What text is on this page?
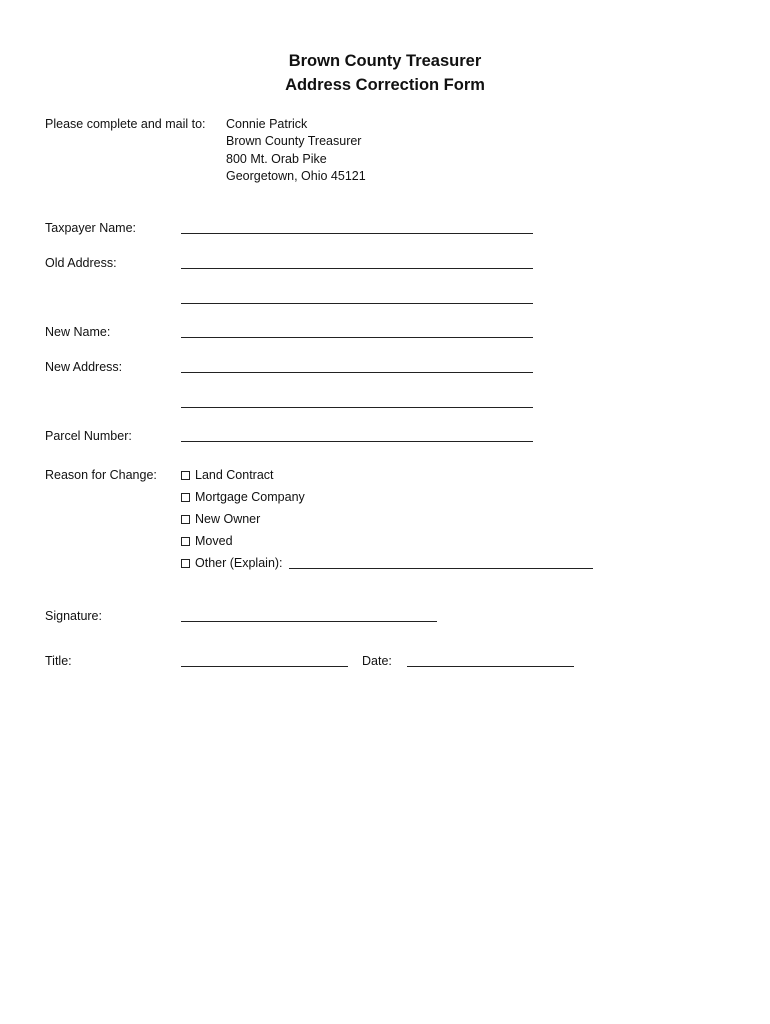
Brown County Treasurer
Address Correction Form
Please complete and mail to: Connie Patrick
Brown County Treasurer
800 Mt. Orab Pike
Georgetown, Ohio 45121
Taxpayer Name:
Old Address:
New Name:
New Address:
Parcel Number:
Reason for Change:	Land Contract
Mortgage Company
New Owner
Moved
Other (Explain):
Signature:
Title:	Date:
